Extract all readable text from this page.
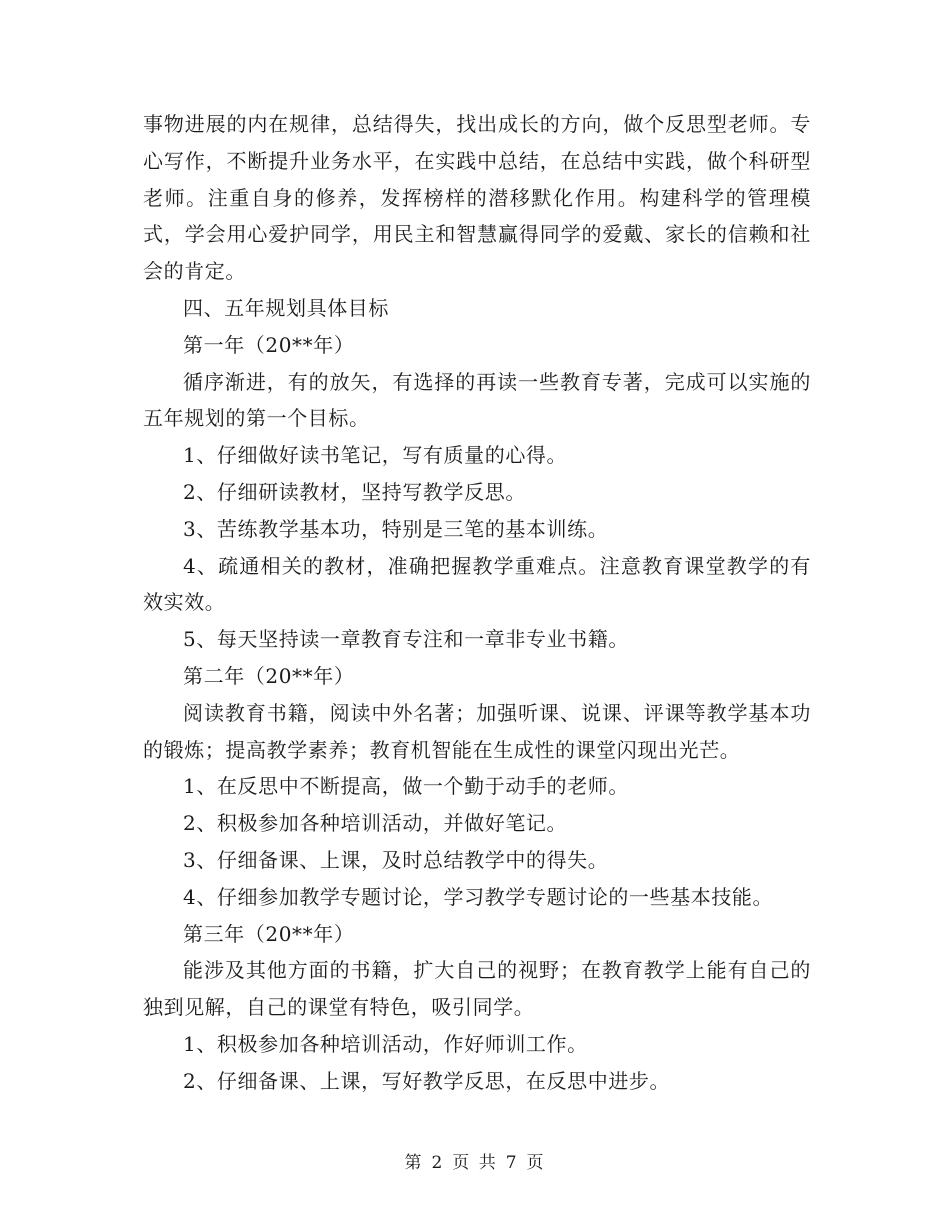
事物进展的内在规律，总结得失，找出成长的方向，做个反思型老师。专心写作，不断提升业务水平，在实践中总结，在总结中实践，做个科研型老师。注重自身的修养，发挥榜样的潜移默化作用。构建科学的管理模式，学会用心爱护同学，用民主和智慧赢得同学的爱戴、家长的信赖和社会的肯定。

四、五年规划具体目标

第一年（20**年）

循序渐进，有的放矢，有选择的再读一些教育专著，完成可以实施的五年规划的第一个目标。

1、仔细做好读书笔记，写有质量的心得。

2、仔细研读教材，坚持写教学反思。

3、苦练教学基本功，特别是三笔的基本训练。

4、疏通相关的教材，准确把握教学重难点。注意教育课堂教学的有效实效。

5、每天坚持读一章教育专注和一章非专业书籍。

第二年（20**年）

阅读教育书籍，阅读中外名著；加强听课、说课、评课等教学基本功的锻炼；提高教学素养；教育机智能在生成性的课堂闪现出光芒。

1、在反思中不断提高，做一个勤于动手的老师。

2、积极参加各种培训活动，并做好笔记。

3、仔细备课、上课，及时总结教学中的得失。

4、仔细参加教学专题讨论，学习教学专题讨论的一些基本技能。

第三年（20**年）

能涉及其他方面的书籍，扩大自己的视野；在教育教学上能有自己的独到见解，自己的课堂有特色，吸引同学。

1、积极参加各种培训活动，作好师训工作。

2、仔细备课、上课，写好教学反思，在反思中进步。

第 2 页 共 7 页
